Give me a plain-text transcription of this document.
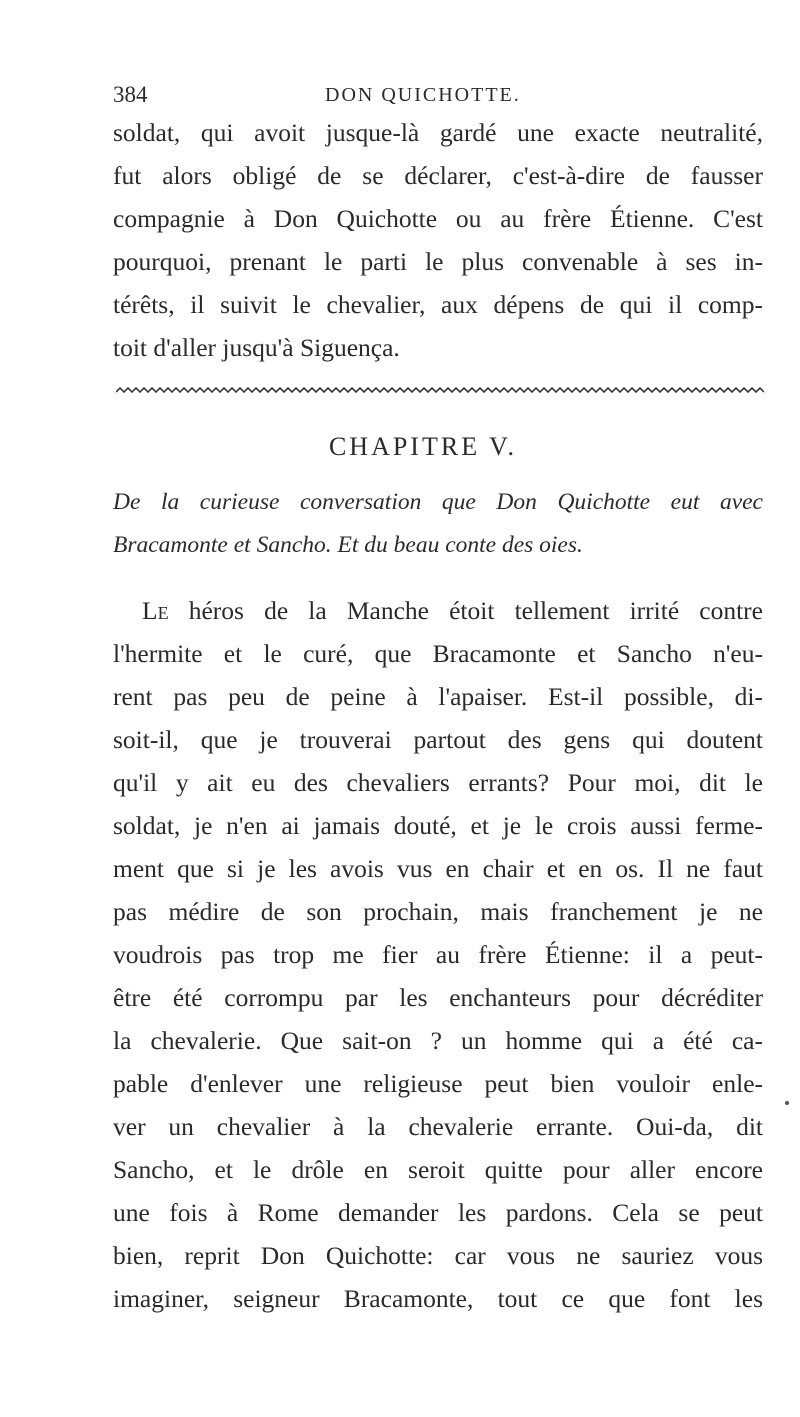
384	DON QUICHOTTE.
soldat, qui avoit jusque-là gardé une exacte neutralité,
fut alors obligé de se déclarer, c'est-à-dire de fausser
compagnie à Don Quichotte ou au frère Étienne. C'est
pourquoi, prenant le parti le plus convenable à ses in-
térêts, il suivit le chevalier, aux dépens de qui il comp-
toit d'aller jusqu'à Siguença.
CHAPITRE V.
De la curieuse conversation que Don Quichotte eut avec
Bracamonte et Sancho. Et du beau conte des oies.
Le héros de la Manche étoit tellement irrité contre
l'hermite et le curé, que Bracamonte et Sancho n'eu-
rent pas peu de peine à l'apaiser. Est-il possible, di-
soit-il, que je trouverai partout des gens qui doutent
qu'il y ait eu des chevaliers errants? Pour moi, dit le
soldat, je n'en ai jamais douté, et je le crois aussi ferme-
ment que si je les avois vus en chair et en os. Il ne faut
pas médire de son prochain, mais franchement je ne
voudrois pas trop me fier au frère Étienne: il a peut-
être été corrompu par les enchanteurs pour décréditer
la chevalerie. Que sait-on ? un homme qui a été ca-
pable d'enlever une religieuse peut bien vouloir enle-
ver un chevalier à la chevalerie errante. Oui-da, dit
Sancho, et le drôle en seroit quitte pour aller encore
une fois à Rome demander les pardons. Cela se peut
bien, reprit Don Quichotte: car vous ne sauriez vous
imaginer, seigneur Bracamonte, tout ce que font les
